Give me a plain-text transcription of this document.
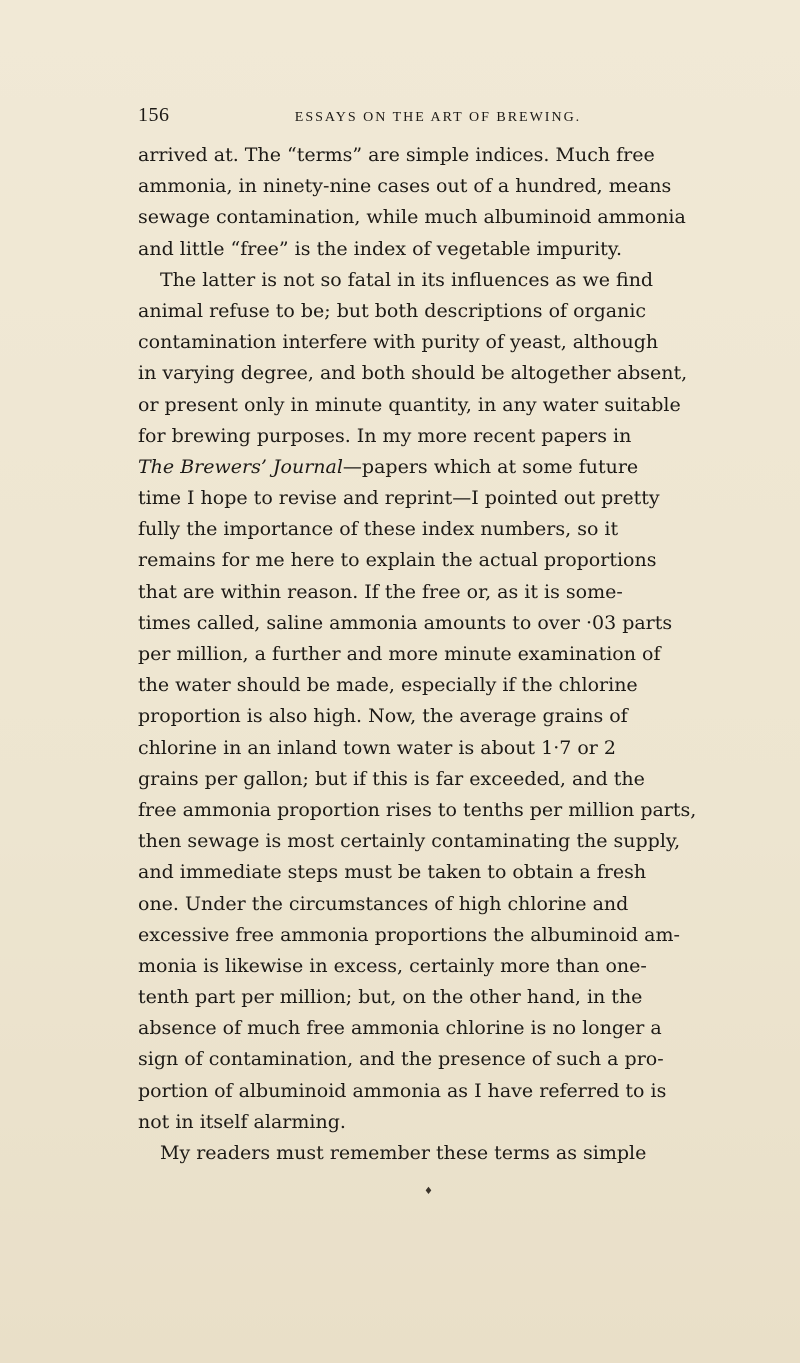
156	ESSAYS ON THE ART OF BREWING.
arrived at. The “terms” are simple indices. Much free
ammonia, in ninety-nine cases out of a hundred, means
sewage contamination, while much albuminoid ammonia
and little “free” is the index of vegetable impurity.
The latter is not so fatal in its influences as we find
animal refuse to be; but both descriptions of organic
contamination interfere with purity of yeast, although
in varying degree, and both should be altogether absent,
or present only in minute quantity, in any water suitable
for brewing purposes. In my more recent papers in
The Brewers’ Journal—papers which at some future
time I hope to revise and reprint—I pointed out pretty
fully the importance of these index numbers, so it
remains for me here to explain the actual proportions
that are within reason. If the free or, as it is some-
times called, saline ammonia amounts to over ·03 parts
per million, a further and more minute examination of
the water should be made, especially if the chlorine
proportion is also high. Now, the average grains of
chlorine in an inland town water is about 1·7 or 2
grains per gallon; but if this is far exceeded, and the
free ammonia proportion rises to tenths per million parts,
then sewage is most certainly contaminating the supply,
and immediate steps must be taken to obtain a fresh
one. Under the circumstances of high chlorine and
excessive free ammonia proportions the albuminoid am-
monia is likewise in excess, certainly more than one-
tenth part per million; but, on the other hand, in the
absence of much free ammonia chlorine is no longer a
sign of contamination, and the presence of such a pro-
portion of albuminoid ammonia as I have referred to is
not in itself alarming.
My readers must remember these terms as simple
♦
